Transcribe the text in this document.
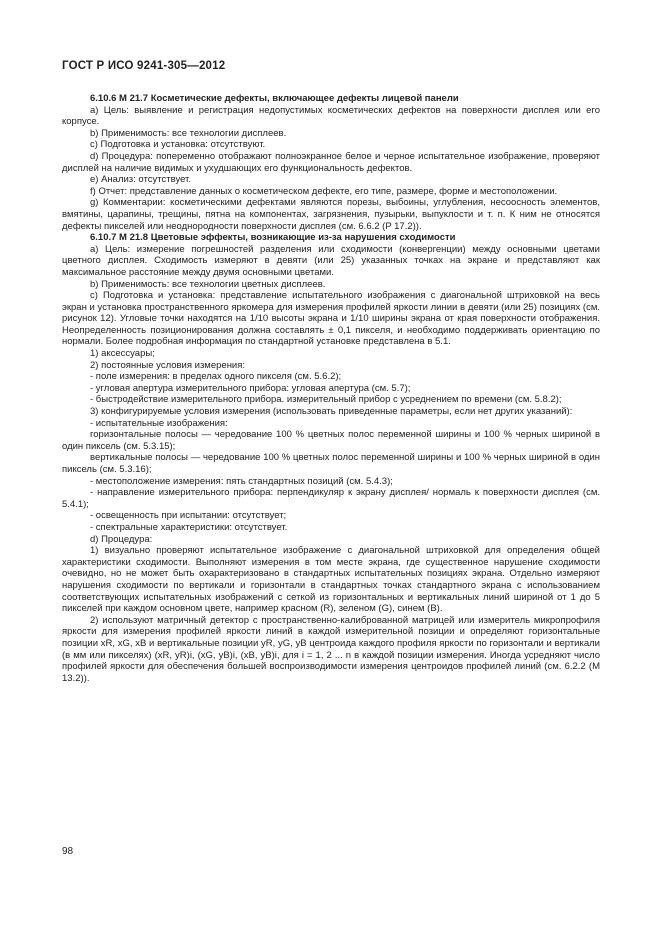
ГОСТ Р ИСО 9241-305—2012

6.10.6 M 21.7 Косметические дефекты, включающее дефекты лицевой панели

а) Цель: выявление и регистрация недопустимых косметических дефектов на поверхности дисплея или его корпусе.

b) Применимость: все технологии дисплеев.

с) Подготовка и установка: отсутствуют.

d) Процедура: попеременно отображают полноэкранное белое и черное испытательное изображение, проверяют дисплей на наличие видимых и ухудшающих его функциональность дефектов.

e) Анализ: отсутствует.

f) Отчет: представление данных о косметическом дефекте, его типе, размере, форме и местоположении.

g) Комментарии: косметическими дефектами являются порезы, выбоины, углубления, несоосность элементов, вмятины, царапины, трещины, пятна на компонентах, загрязнения, пузырьки, выпуклости и т. п. К ним не относятся дефекты пикселей или неоднородности поверхности дисплея (см. 6.6.2 (P 17.2)).

6.10.7 M 21.8 Цветовые эффекты, возникающие из-за нарушения сходимости

а) Цель: измерение погрешностей разделения или сходимости (конвергенции) между основными цветами цветного дисплея. Сходимость измеряют в девяти (или 25) указанных точках на экране и представляют как максимальное расстояние между двумя основными цветами.

b) Применимость: все технологии цветных дисплеев.

с) Подготовка и установка: представление испытательного изображения с диагональной штриховкой на весь экран и установка пространственного яркомера для измерения профилей яркости линии в девяти (или 25) позициях (см. рисунок 12). Угловые точки находятся на 1/10 высоты экрана и 1/10 ширины экрана от края поверхности отображения. Неопределенность позиционирования должна составлять ± 0,1 пикселя, и необходимо поддерживать ориентацию по нормали. Более подробная информация по стандартной установке представлена в 5.1.

1) аксессуары;

2) постоянные условия измерения:

- поле измерения: в пределах одного пикселя (см. 5.6.2);

- угловая апертура измерительного прибора: угловая апертура (см. 5.7);

- быстродействие измерительного прибора. измерительный прибор с усреднением по времени (см. 5.8.2);

3) конфигурируемые условия измерения (использовать приведенные параметры, если нет других указаний):

- испытательные изображения:

горизонтальные полосы — чередование 100 % цветных полос переменной ширины и 100 % черных шириной в один пиксель (см. 5.3.15);

вертикальные полосы — чередование 100 % цветных полос переменной ширины и 100 % черных шириной в один пиксель (см. 5.3.16);

- местоположение измерения: пять стандартных позиций (см. 5.4.3);

- направление измерительного прибора: перпендикуляр к экрану дисплея/ нормаль к поверхности дисплея (см. 5.4.1);

- освещенность при испытании: отсутствует;

- спектральные характеристики: отсутствует.

d) Процедура:

1) визуально проверяют испытательное изображение с диагональной штриховкой для определения общей характеристики сходимости. Выполняют измерения в том месте экрана, где существенное нарушение сходимости очевидно, но не может быть охарактеризовано в стандартных испытательных позициях экрана. Отдельно измеряют нарушения сходимости по вертикали и горизонтали в стандартных точках стандартного экрана с использованием соответствующих испытательных изображений с сеткой из горизонтальных и вертикальных линий шириной от 1 до 5 пикселей при каждом основном цвете, например красном (R), зеленом (G), синем (B).

2) используют матричный детектор с пространственно-калиброванной матрицей или измеритель микропрофиля яркости для измерения профилей яркости линий в каждой измерительной позиции и определяют горизонтальные позиции xR, xG, xB и вертикальные позиции yR, yG, yB центроида каждого профиля яркости по горизонтали и вертикали (в мм или пикселях) (xR, yR)i, (xG, yB)i, (xB, yB)i, для i = 1, 2 ... n в каждой позиции измерения. Иногда усредняют число профилей яркости для обеспечения большей воспроизводимости измерения центроидов профилей линий (см. 6.2.2 (М 13.2)).

98
